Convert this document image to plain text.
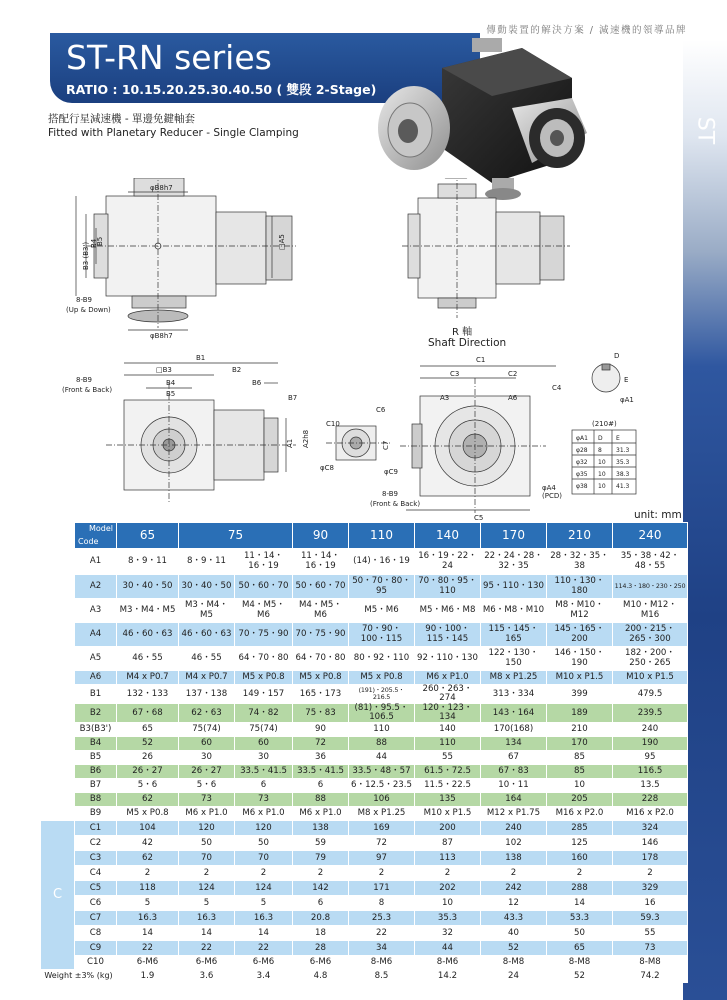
ST
傳動裝置的解決方案 / 減速機的領導品牌
ST-RN series
RATIO : 10.15.20.25.30.40.50 ( 雙段 2-Stage)
搭配行星減速機 - 單邊免鍵軸套
Fitted with Planetary Reducer - Single Clamping
φB8h7
φB8h7
B3 (B3') B4
B5	□A5
8-B9
(Up & Down)
B1
□B3	B2
B4	B6
B5	B7
8-B9
(Front & Back)
A1 A2h8
C6
C10
φC8
C7
φC9
8-B9
(Front & Back)
C1
C3	C2
C4
A3	A6
φA4
(PCD)
C5
D
E
φA1
(210#)
φA1 D E
φ28 8 31.3
φ32 10 35.3
φ35 10 38.3
φ38 10 41.3
R 軸
Shaft Direction
unit: mm

	Model
Code	65	75		90	110	140	170	210	240
A	A1	8・9・11	8・9・11	11・14・16・19	11・14・16・19	(14)・16・19	16・19・22・24	22・24・28・32・35	28・32・35・38	35・38・42・48・55
	A2	30・40・50	30・40・50	50・60・70	50・60・70	50・70・80・95	70・80・95・110	95・110・130	110・130・180	114.3・180・230・250
	A3	M3・M4・M5	M3・M4・M5	M4・M5・M6	M4・M5・M6	M5・M6	M5・M6・M8	M6・M8・M10	M8・M10・M12	M10・M12・M16
	A4	46・60・63	46・60・63	70・75・90	70・75・90	70・90・100・115	90・100・115・145	115・145・165	145・165・200	200・215・265・300
	A5	46・55	46・55	64・70・80	64・70・80	80・92・110	92・110・130	122・130・150	146・150・190	182・200・250・265
	A6	M4 x P0.7	M4 x P0.7	M5 x P0.8	M5 x P0.8	M5 x P0.8	M6 x P1.0	M8 x P1.25	M10 x P1.5	M10 x P1.5
B	B1	132・133	137・138	149・157	165・173	(191)・205.5・216.5	260・263・274	313・334	399	479.5
	B2	67・68	62・63	74・82	75・83	(81)・95.5・106.5	120・123・134	143・164	189	239.5
	B3(B3')	65	75(74)	75(74)	90	110	140	170(168)	210	240
	B4	52	60	60	72	88	110	134	170	190
	B5	26	30	30	36	44	55	67	85	95
	B6	26・27	26・27	33.5・41.5	33.5・41.5	33.5・48・57	61.5・72.5	67・83	85	116.5
	B7	5・6	5・6	6	6	6・12.5・23.5	11.5・22.5	10・11	10	13.5
	B8	62	73	73	88	106	135	164	205	228
	B9	M5 x P0.8	M6 x P1.0	M6 x P1.0	M6 x P1.0	M8 x P1.25	M10 x P1.5	M12 x P1.75	M16 x P2.0	M16 x P2.0
C	C1	104	120	120	138	169	200	240	285	324
	C2	42	50	50	59	72	87	102	125	146
	C3	62	70	70	79	97	113	138	160	178
	C4	2	2	2	2	2	2	2	2	2
	C5	118	124	124	142	171	202	242	288	329
	C6	5	5	5	6	8	10	12	14	16
	C7	16.3	16.3	16.3	20.8	25.3	35.3	43.3	53.3	59.3
	C8	14	14	14	18	22	32	40	50	55
	C9	22	22	22	28	34	44	52	65	73
	C10	6-M6	6-M6	6-M6	6-M6	8-M6	8-M6	8-M8	8-M8	8-M8
Weight ±3% (kg)		1.9	3.6	3.4	4.8	8.5	14.2	24	52	74.2
